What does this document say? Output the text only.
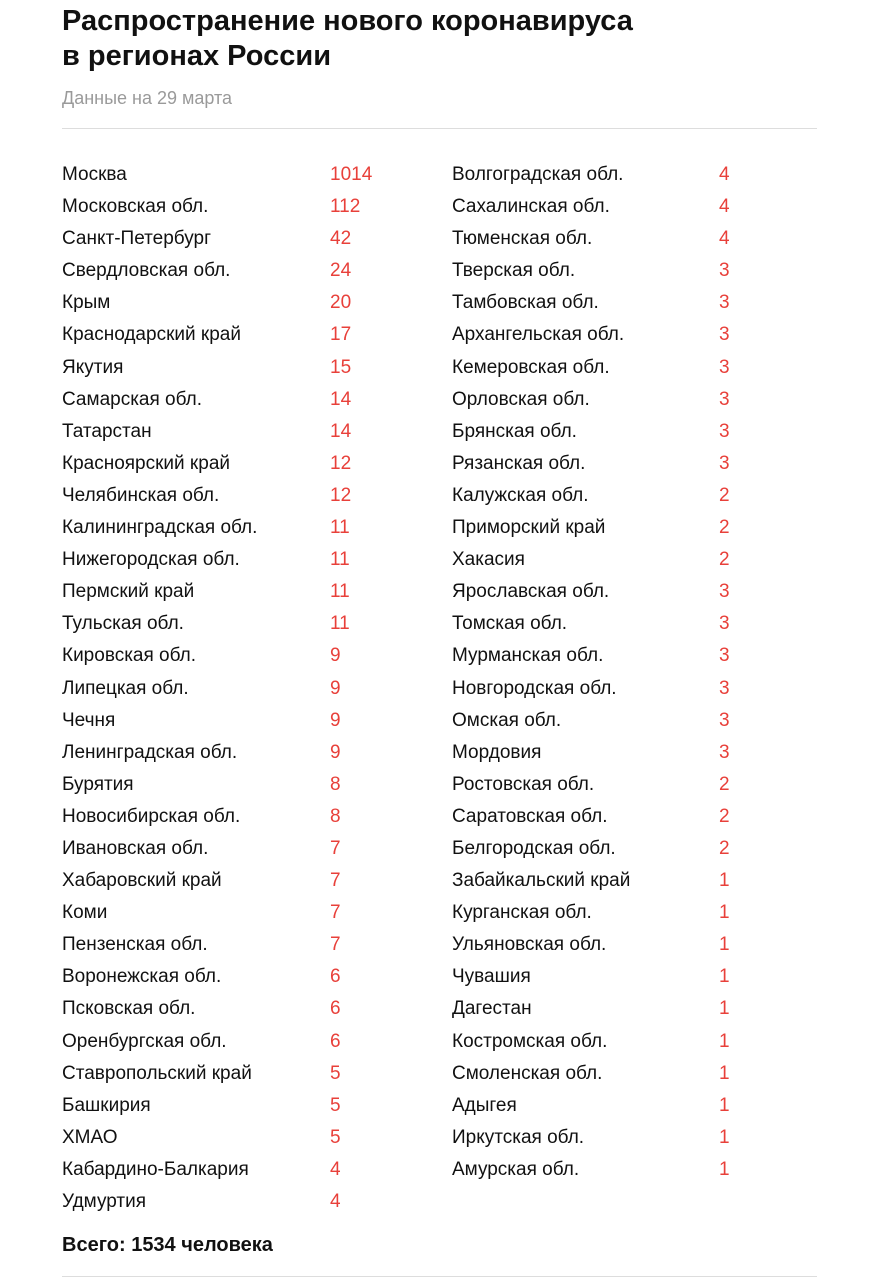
Распространение нового коронавируса
в регионах России
Данные на 29 марта
Москва	1014
Московская обл.	112
Санкт-Петербург	42
Свердловская обл.	24
Крым	20
Краснодарский край	17
Якутия	15
Самарская обл.	14
Татарстан	14
Красноярский край	12
Челябинская обл.	12
Калининградская обл.	11
Нижегородская обл.	11
Пермский край	11
Тульская обл.	11
Кировская обл.	9
Липецкая обл.	9
Чечня	9
Ленинградская обл.	9
Бурятия	8
Новосибирская обл.	8
Ивановская обл.	7
Хабаровский край	7
Коми	7
Пензенская обл.	7
Воронежская обл.	6
Псковская обл.	6
Оренбургская обл.	6
Ставропольский край	5
Башкирия	5
ХМАО	5
Кабардино-Балкария	4
Удмуртия	4
Волгоградская обл.	4
Сахалинская обл.	4
Тюменская обл.	4
Тверская обл.	3
Тамбовская обл.	3
Архангельская обл.	3
Кемеровская обл.	3
Орловская обл.	3
Брянская обл.	3
Рязанская обл.	3
Калужская обл.	2
Приморский край	2
Хакасия	2
Ярославская обл.	3
Томская обл.	3
Мурманская обл.	3
Новгородская обл.	3
Омская обл.	3
Мордовия	3
Ростовская обл.	2
Саратовская обл.	2
Белгородская обл.	2
Забайкальский край	1
Курганская обл.	1
Ульяновская обл.	1
Чувашия	1
Дагестан	1
Костромская обл.	1
Смоленская обл.	1
Адыгея	1
Иркутская обл.	1
Амурская обл.	1
Всего: 1534 человека
